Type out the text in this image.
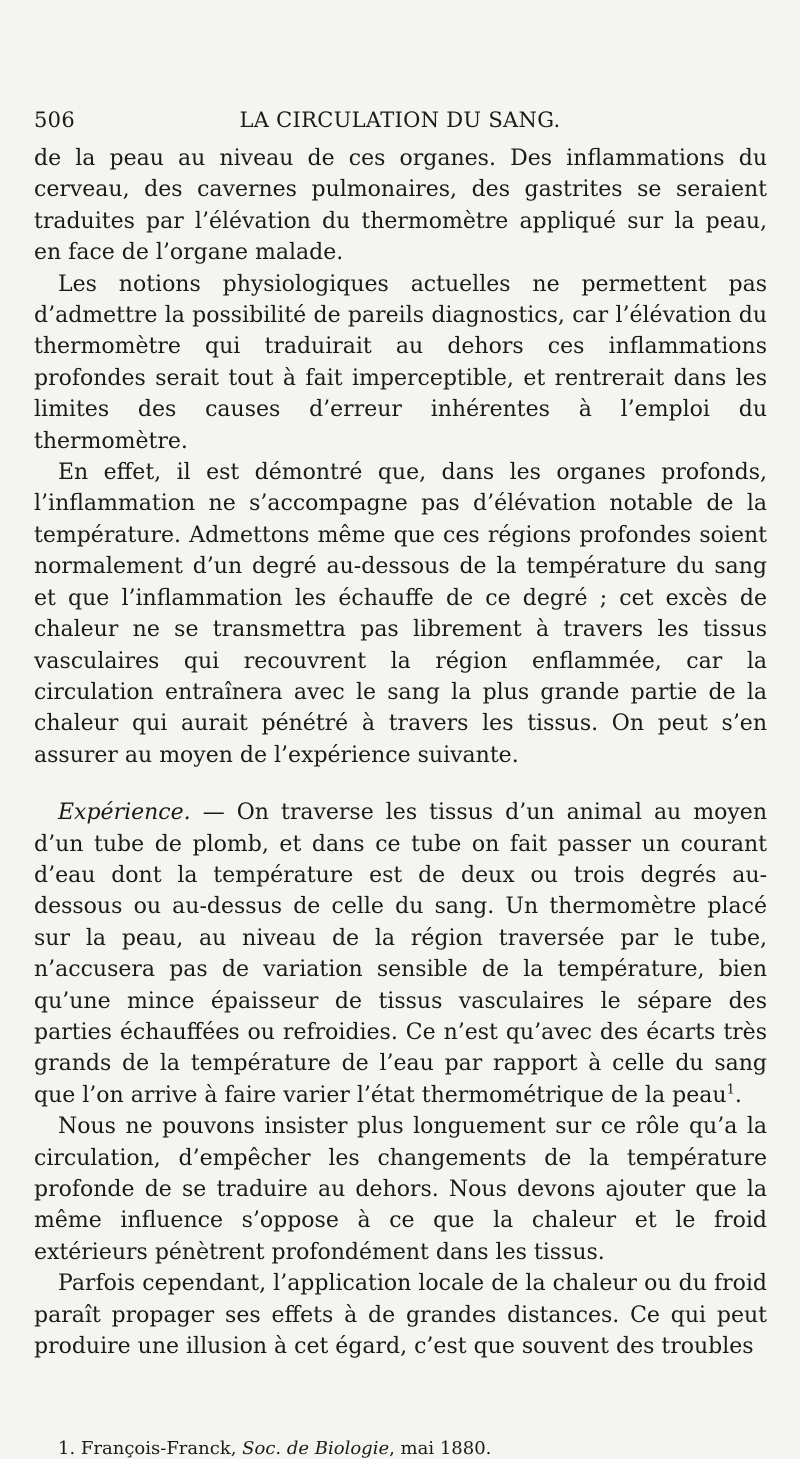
506	LA CIRCULATION DU SANG.

de la peau au niveau de ces organes. Des inflammations du cerveau, des cavernes pulmonaires, des gastrites se seraient traduites par l’élévation du thermomètre appliqué sur la peau, en face de l’organe malade.

Les notions physiologiques actuelles ne permettent pas d’admettre la possibilité de pareils diagnostics, car l’élévation du thermomètre qui traduirait au dehors ces inflammations profondes serait tout à fait imperceptible, et rentrerait dans les limites des causes d’erreur inhérentes à l’emploi du thermomètre.

En effet, il est démontré que, dans les organes profonds, l’inflammation ne s’accompagne pas d’élévation notable de la température. Admettons même que ces régions profondes soient normalement d’un degré au-dessous de la température du sang et que l’inflammation les échauffe de ce degré ; cet excès de chaleur ne se transmettra pas librement à travers les tissus vasculaires qui recouvrent la région enflammée, car la circulation entraînera avec le sang la plus grande partie de la chaleur qui aurait pénétré à travers les tissus. On peut s’en assurer au moyen de l’expérience suivante.

Expérience. — On traverse les tissus d’un animal au moyen d’un tube de plomb, et dans ce tube on fait passer un courant d’eau dont la température est de deux ou trois degrés au-dessous ou au-dessus de celle du sang. Un thermomètre placé sur la peau, au niveau de la région traversée par le tube, n’accusera pas de variation sensible de la température, bien qu’une mince épaisseur de tissus vasculaires le sépare des parties échauffées ou refroidies. Ce n’est qu’avec des écarts très grands de la température de l’eau par rapport à celle du sang que l’on arrive à faire varier l’état thermométrique de la peau$^1$.

Nous ne pouvons insister plus longuement sur ce rôle qu’a la circulation, d’empêcher les changements de la température profonde de se traduire au dehors. Nous devons ajouter que la même influence s’oppose à ce que la chaleur et le froid extérieurs pénètrent profondément dans les tissus.

Parfois cependant, l’application locale de la chaleur ou du froid paraît propager ses effets à de grandes distances. Ce qui peut produire une illusion à cet égard, c’est que souvent des troubles

1. François-Franck, Soc. de Biologie, mai 1880.
